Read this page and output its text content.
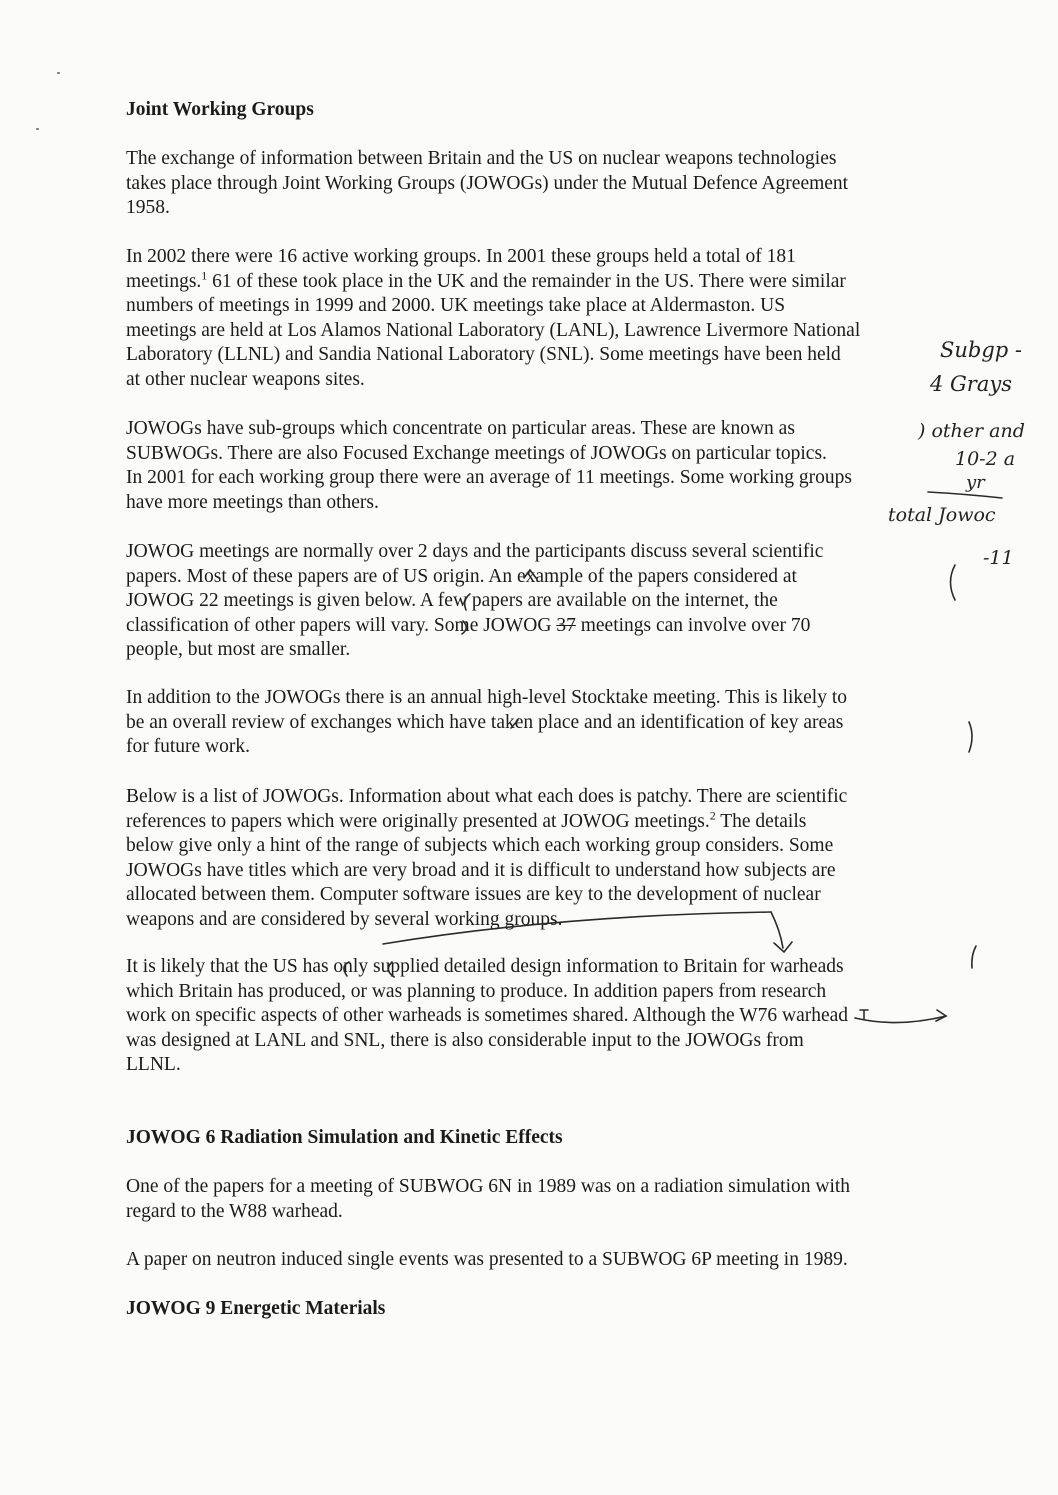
Joint Working Groups

The exchange of information between Britain and the US on nuclear weapons technologies
takes place through Joint Working Groups (JOWOGs) under the Mutual Defence Agreement
1958.

In 2002 there were 16 active working groups. In 2001 these groups held a total of 181
meetings.$^1$ 61 of these took place in the UK and the remainder in the US. There were similar
numbers of meetings in 1999 and 2000. UK meetings take place at Aldermaston. US
meetings are held at Los Alamos National Laboratory (LANL), Lawrence Livermore National
Laboratory (LLNL) and Sandia National Laboratory (SNL). Some meetings have been held
at other nuclear weapons sites.

JOWOGs have sub-groups which concentrate on particular areas. These are known as
SUBWOGs. There are also Focused Exchange meetings of JOWOGs on particular topics.
In 2001 for each working group there were an average of 11 meetings. Some working groups
have more meetings than others.

JOWOG meetings are normally over 2 days and the participants discuss several scientific
papers. Most of these papers are of US origin. An example of the papers considered at
JOWOG 22 meetings is given below. A few papers are available on the internet, the
classification of other papers will vary. Some JOWOG 37 meetings can involve over 70
people, but most are smaller.

In addition to the JOWOGs there is an annual high-level Stocktake meeting. This is likely to
be an overall review of exchanges which have taken place and an identification of key areas
for future work.

Below is a list of JOWOGs. Information about what each does is patchy. There are scientific
references to papers which were originally presented at JOWOG meetings.$^2$ The details
below give only a hint of the range of subjects which each working group considers. Some
JOWOGs have titles which are very broad and it is difficult to understand how subjects are
allocated between them. Computer software issues are key to the development of nuclear
weapons and are considered by several working groups.

It is likely that the US has only supplied detailed design information to Britain for warheads
which Britain has produced, or was planning to produce. In addition papers from research
work on specific aspects of other warheads is sometimes shared. Although the W76 warhead
was designed at LANL and SNL, there is also considerable input to the JOWOGs from
LLNL.

JOWOG 6 Radiation Simulation and Kinetic Effects

One of the papers for a meeting of SUBWOG 6N in 1989 was on a radiation simulation with
regard to the W88 warhead.

A paper on neutron induced single events was presented to a SUBWOG 6P meeting in 1989.

JOWOG 9 Energetic Materials
Subgp -
4 Grays
) other and
10-2 a
yr
total Jowoc
-11
